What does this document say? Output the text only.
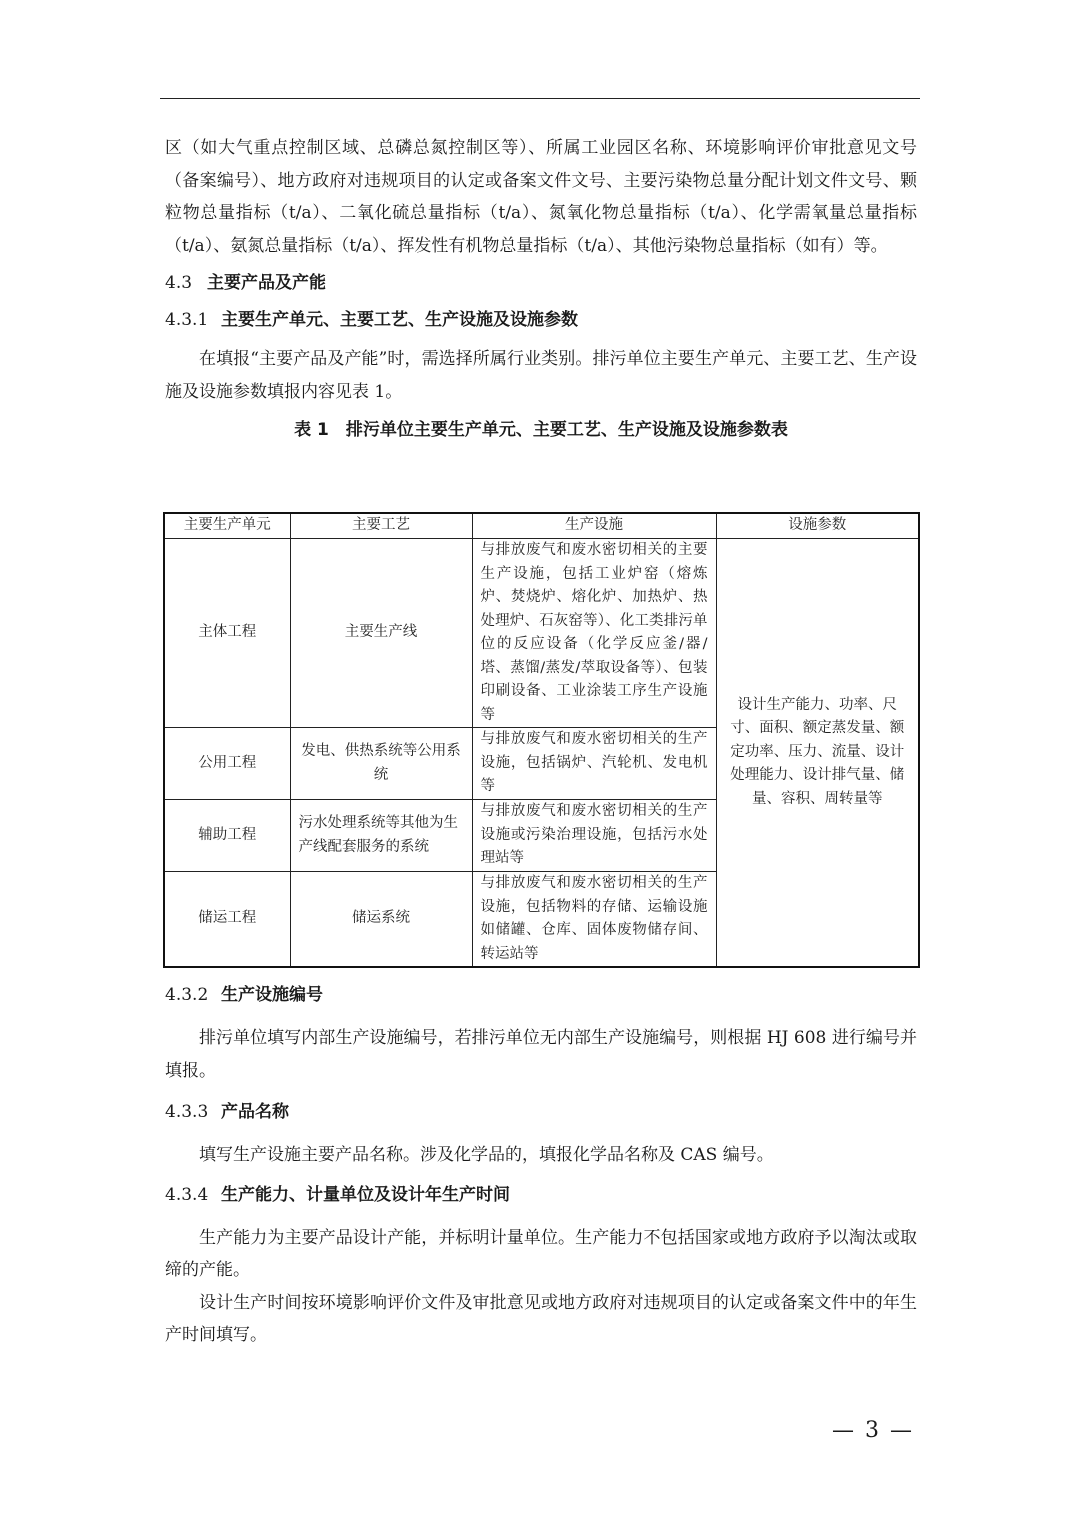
区（如大气重点控制区域、总磷总氮控制区等）、所属工业园区名称、环境影响评价审批意见文号（备案编号）、地方政府对违规项目的认定或备案文件文号、主要污染物总量分配计划文件文号、颗粒物总量指标（t/a）、二氧化硫总量指标（t/a）、氮氧化物总量指标（t/a）、化学需氧量总量指标（t/a）、氨氮总量指标（t/a）、挥发性有机物总量指标（t/a）、其他污染物总量指标（如有）等。

4.3 主要产品及产能
4.3.1 主要生产单元、主要工艺、生产设施及设施参数

在填报“主要产品及产能”时，需选择所属行业类别。排污单位主要生产单元、主要工艺、生产设施及设施参数填报内容见表 1。

表 1　排污单位主要生产单元、主要工艺、生产设施及设施参数表

主要生产单元	主要工艺	生产设施	设施参数
主体工程	主要生产线	与排放废气和废水密切相关的主要生产设施，包括工业炉窑（熔炼炉、焚烧炉、熔化炉、加热炉、热处理炉、石灰窑等）、化工类排污单位的反应设备（化学反应釜/器/塔、蒸馏/蒸发/萃取设备等）、包装印刷设备、工业涂装工序生产设施等	设计生产能力、功率、尺寸、面积、额定蒸发量、额定功率、压力、流量、设计处理能力、设计排气量、储量、容积、周转量等
公用工程	发电、供热系统等公用系统	与排放废气和废水密切相关的生产设施，包括锅炉、汽轮机、发电机等	
辅助工程	污水处理系统等其他为生产线配套服务的系统	与排放废气和废水密切相关的生产设施或污染治理设施，包括污水处理站等	
储运工程	储运系统	与排放废气和废水密切相关的生产设施，包括物料的存储、运输设施如储罐、仓库、固体废物储存间、转运站等	
4.3.2 生产设施编号

排污单位填写内部生产设施编号，若排污单位无内部生产设施编号，则根据 HJ 608 进行编号并填报。

4.3.3 产品名称

填写生产设施主要产品名称。涉及化学品的，填报化学品名称及 CAS 编号。

4.3.4 生产能力、计量单位及设计年生产时间

生产能力为主要产品设计产能，并标明计量单位。生产能力不包括国家或地方政府予以淘汰或取缔的产能。

设计生产时间按环境影响评价文件及审批意见或地方政府对违规项目的认定或备案文件中的年生产时间填写。

— 3 —
